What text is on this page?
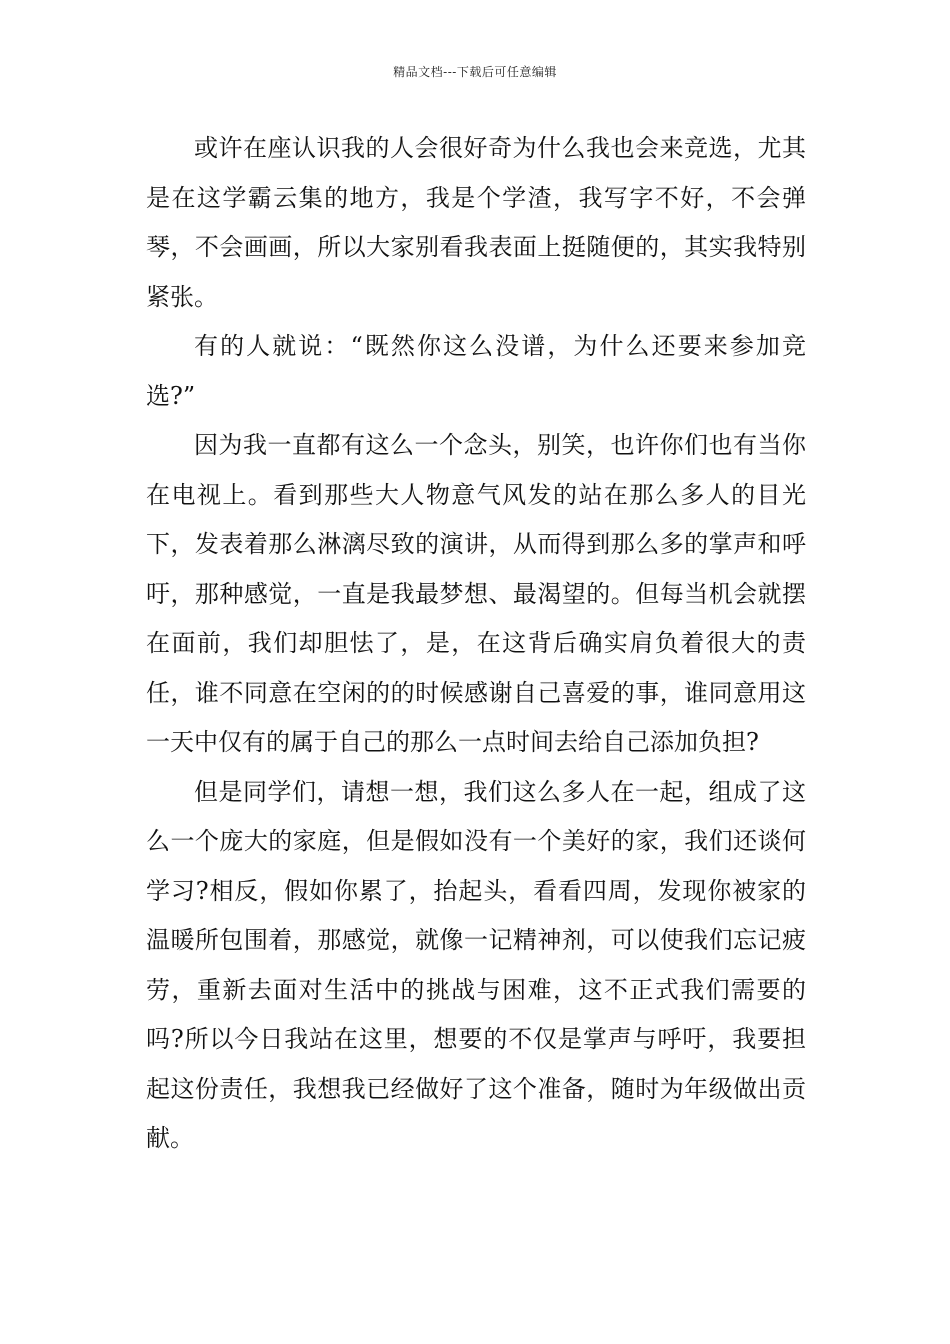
精品文档---下载后可任意编辑

或许在座认识我的人会很好奇为什么我也会来竞选，尤其是在这学霸云集的地方，我是个学渣，我写字不好，不会弹琴，不会画画，所以大家别看我表面上挺随便的，其实我特别紧张。

有的人就说：“既然你这么没谱，为什么还要来参加竞选?”

因为我一直都有这么一个念头，别笑，也许你们也有当你在电视上。看到那些大人物意气风发的站在那么多人的目光下，发表着那么淋漓尽致的演讲，从而得到那么多的掌声和呼吁，那种感觉，一直是我最梦想、最渴望的。但每当机会就摆在面前，我们却胆怯了，是，在这背后确实肩负着很大的责任，谁不同意在空闲的的时候感谢自己喜爱的事，谁同意用这一天中仅有的属于自己的那么一点时间去给自己添加负担?

但是同学们，请想一想，我们这么多人在一起，组成了这么一个庞大的家庭，但是假如没有一个美好的家，我们还谈何学习?相反，假如你累了，抬起头，看看四周，发现你被家的温暖所包围着，那感觉，就像一记精神剂，可以使我们忘记疲劳，重新去面对生活中的挑战与困难，这不正式我们需要的吗?所以今日我站在这里，想要的不仅是掌声与呼吁，我要担起这份责任，我想我已经做好了这个准备，随时为年级做出贡献。
